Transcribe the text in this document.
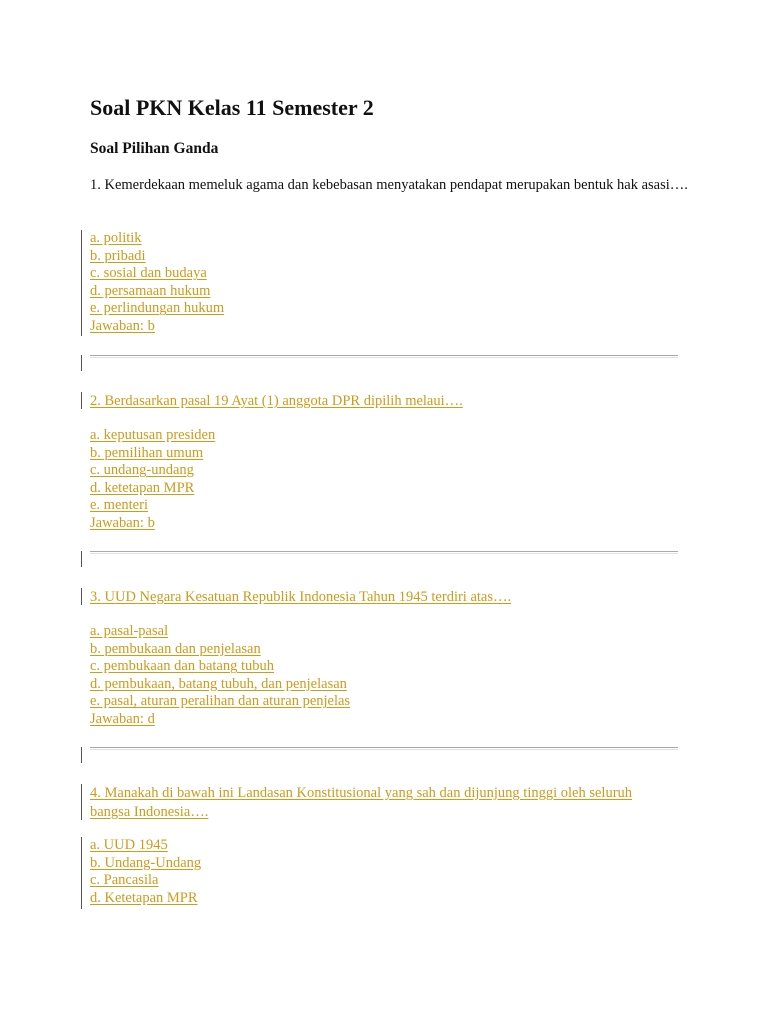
Soal PKN Kelas 11 Semester 2
Soal Pilihan Ganda

1. Kemerdekaan memeluk agama dan kebebasan menyatakan pendapat merupakan bentuk hak asasi….

a. politik
b. pribadi
c. sosial dan budaya
d. persamaan hukum
e. perlindungan hukum
Jawaban: b
2. Berdasarkan pasal 19 Ayat (1) anggota DPR dipilih melaui….
a. keputusan presiden
b. pemilihan umum
c. undang-undang
d. ketetapan MPR
e. menteri
Jawaban: b
3. UUD Negara Kesatuan Republik Indonesia Tahun 1945 terdiri atas….
a. pasal-pasal
b. pembukaan dan penjelasan
c. pembukaan dan batang tubuh
d. pembukaan, batang tubuh, dan penjelasan
e. pasal, aturan peralihan dan aturan penjelas
Jawaban: d
4. Manakah di bawah ini Landasan Konstitusional yang sah dan dijunjung tinggi oleh seluruh bangsa Indonesia….
a. UUD 1945
b. Undang-Undang
c. Pancasila
d. Ketetapan MPR
